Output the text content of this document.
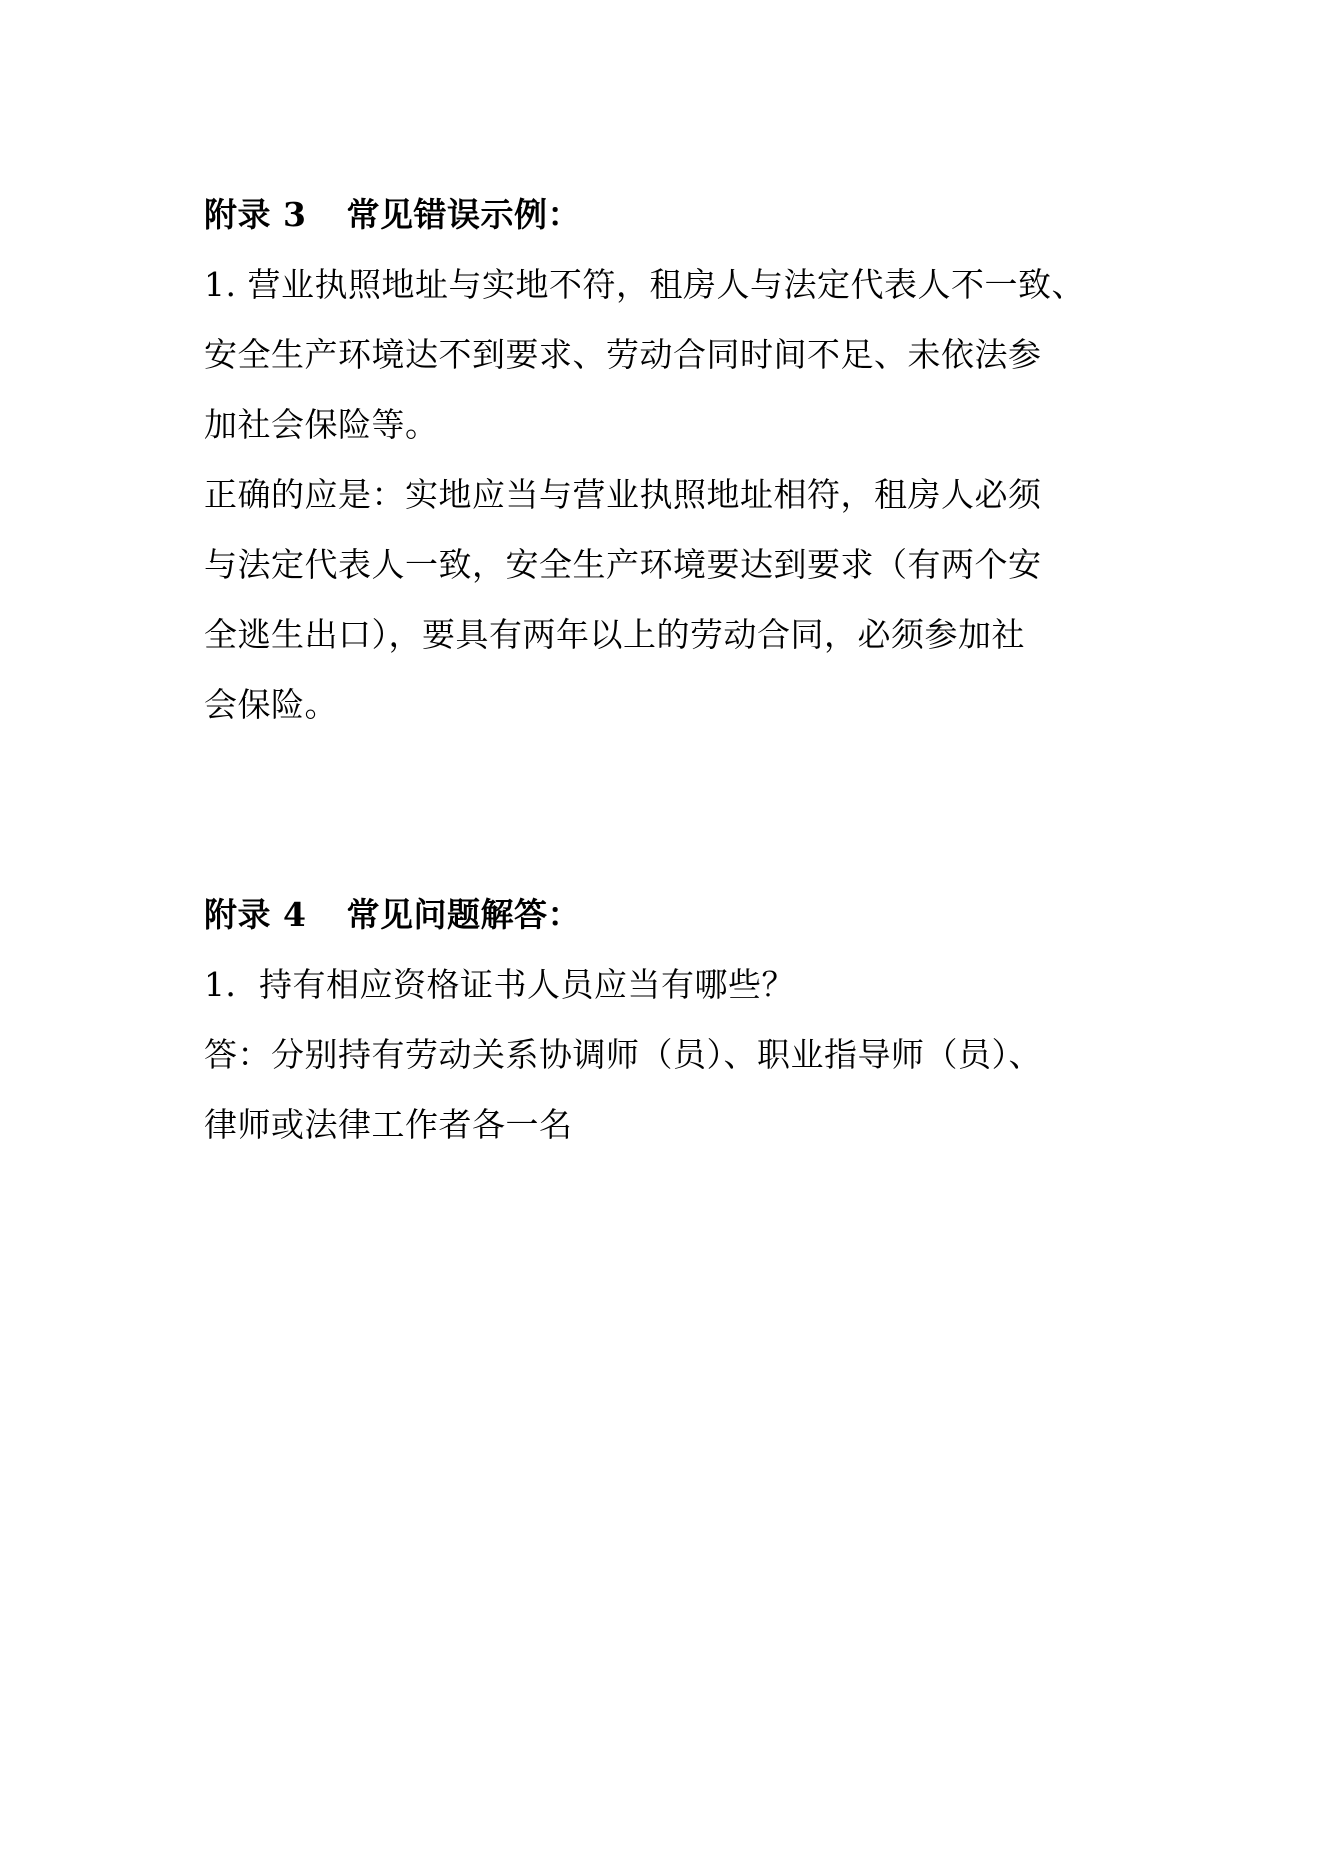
附录 3 常见错误示例：
1. 营业执照地址与实地不符，租房人与法定代表人不一致、
安全生产环境达不到要求、劳动合同时间不足、未依法参
加社会保险等。
正确的应是：实地应当与营业执照地址相符，租房人必须
与法定代表人一致，安全生产环境要达到要求（有两个安
全逃生出口），要具有两年以上的劳动合同，必须参加社
会保险。
附录 4 常见问题解答：
1．持有相应资格证书人员应当有哪些？
答：分别持有劳动关系协调师（员）、职业指导师（员）、
律师或法律工作者各一名
